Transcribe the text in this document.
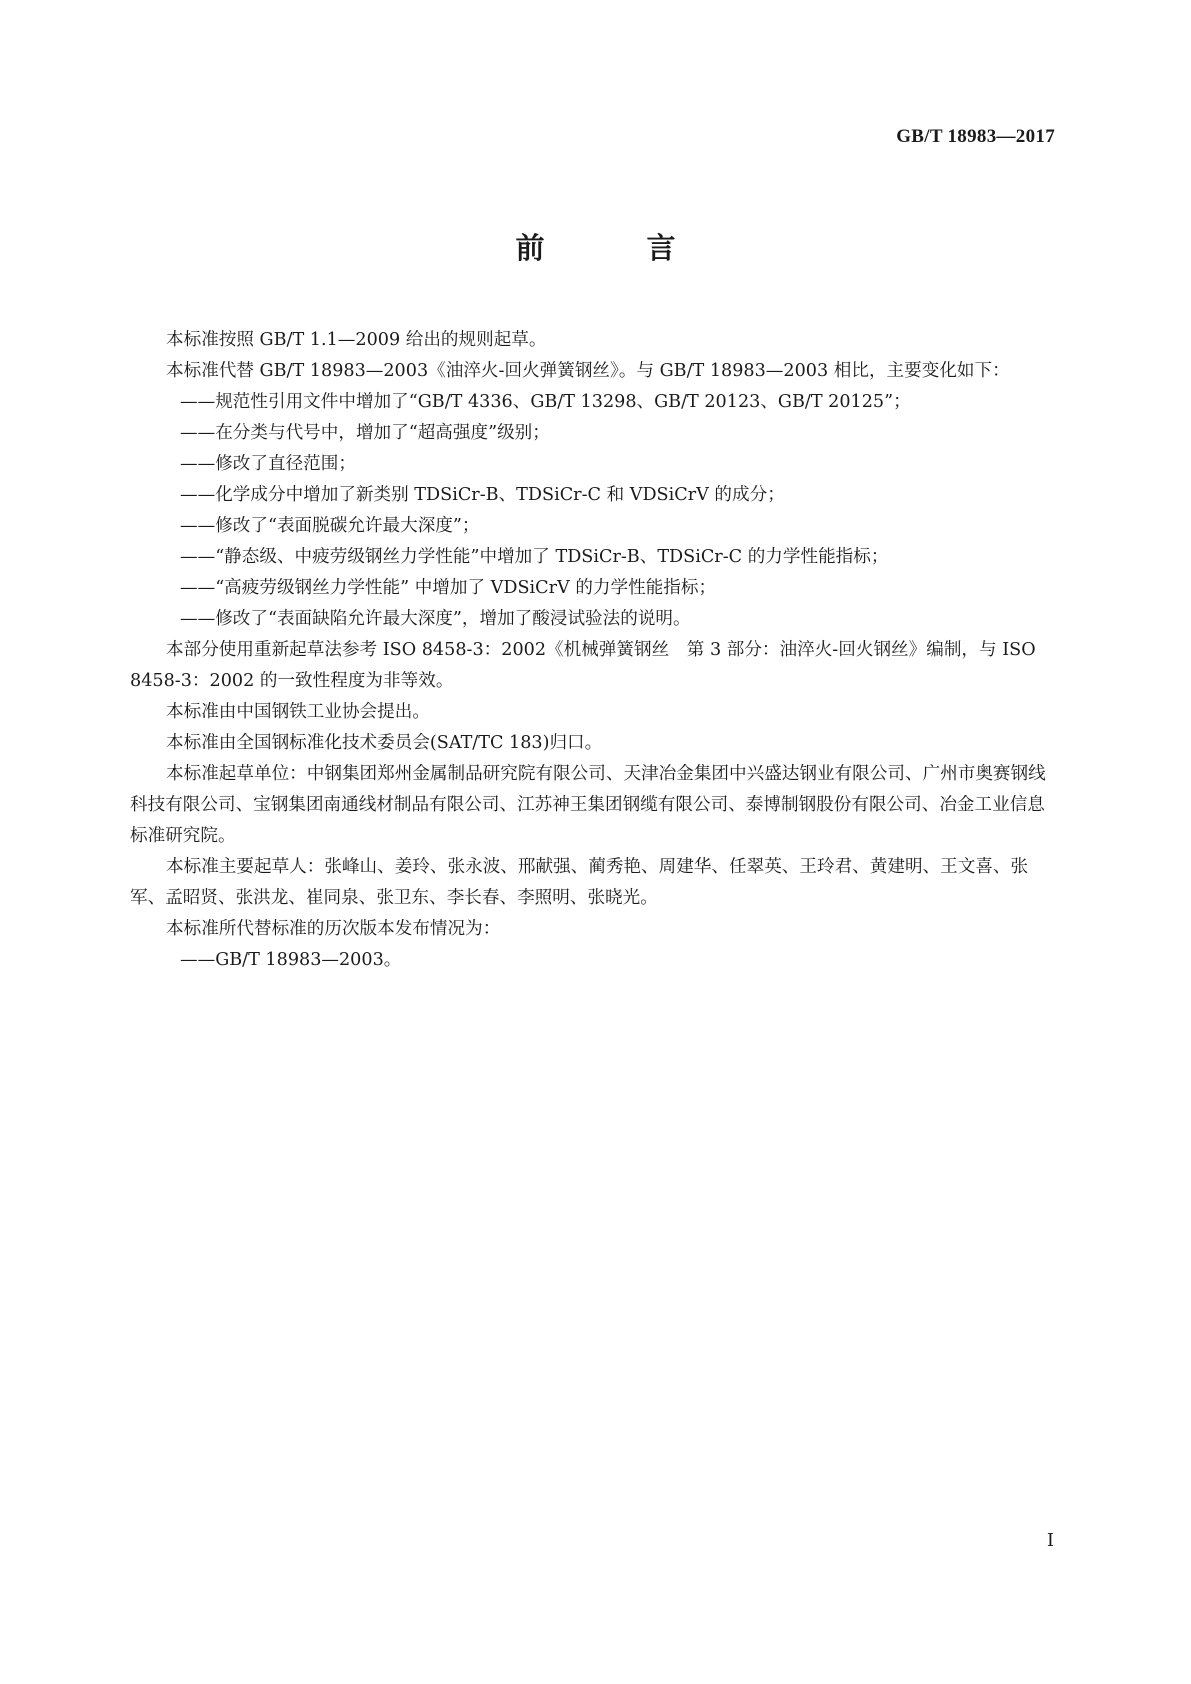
GB/T 18983—2017
前 言

本标准按照 GB/T 1.1—2009 给出的规则起草。

本标准代替 GB/T 18983—2003《油淬火-回火弹簧钢丝》。与 GB/T 18983—2003 相比，主要变化如下：

——规范性引用文件中增加了“GB/T 4336、GB/T 13298、GB/T 20123、GB/T 20125”；

——在分类与代号中，增加了“超高强度”级别；

——修改了直径范围；

——化学成分中增加了新类别 TDSiCr-B、TDSiCr-C 和 VDSiCrV 的成分；

——修改了“表面脱碳允许最大深度”；

——“静态级、中疲劳级钢丝力学性能”中增加了 TDSiCr-B、TDSiCr-C 的力学性能指标；

——“高疲劳级钢丝力学性能” 中增加了 VDSiCrV 的力学性能指标；

——修改了“表面缺陷允许最大深度”，增加了酸浸试验法的说明。

本部分使用重新起草法参考 ISO 8458-3：2002《机械弹簧钢丝　第 3 部分：油淬火-回火钢丝》编制，与 ISO 8458-3：2002 的一致性程度为非等效。

本标准由中国钢铁工业协会提出。

本标准由全国钢标准化技术委员会(SAT/TC 183)归口。

本标准起草单位：中钢集团郑州金属制品研究院有限公司、天津冶金集团中兴盛达钢业有限公司、广州市奥赛钢线科技有限公司、宝钢集团南通线材制品有限公司、江苏神王集团钢缆有限公司、泰博制钢股份有限公司、冶金工业信息标准研究院。

本标准主要起草人：张峰山、姜玲、张永波、邢献强、蔺秀艳、周建华、任翠英、王玲君、黄建明、王文喜、张军、孟昭贤、张洪龙、崔同泉、张卫东、李长春、李照明、张晓光。

本标准所代替标准的历次版本发布情况为：

——GB/T 18983—2003。

I
